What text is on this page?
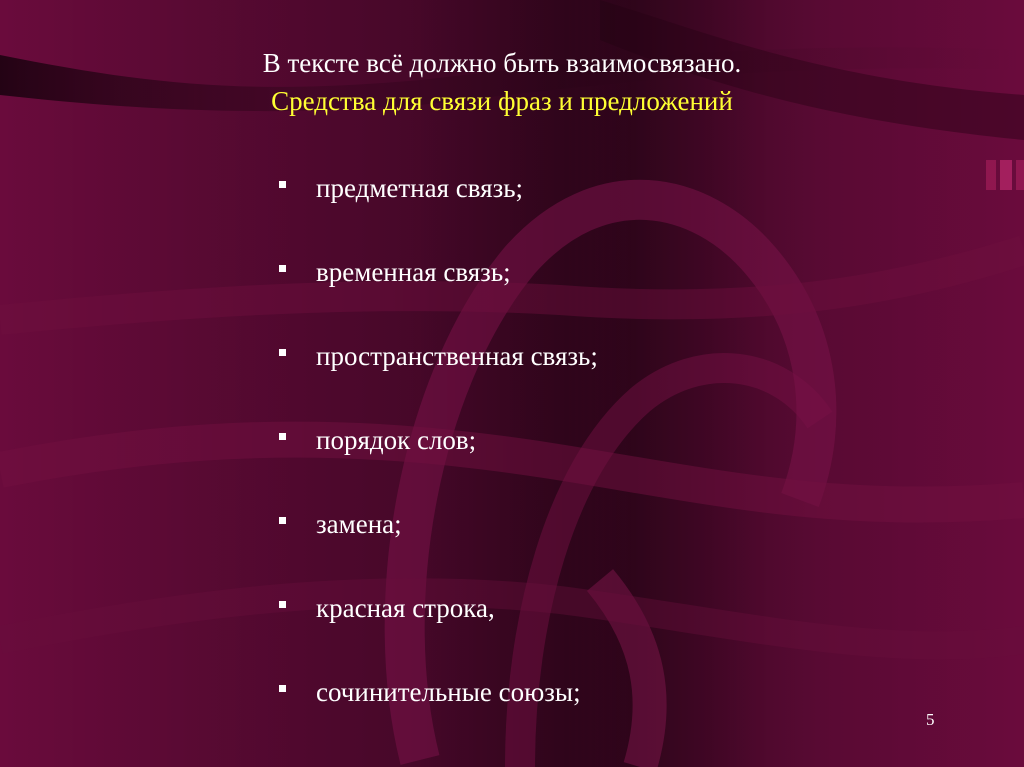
В тексте всё должно быть взаимосвязано.
Средства для связи фраз и предложений
предметная связь;
временная связь;
пространственная связь;
порядок слов;
замена;
красная строка,
сочинительные союзы;
5
